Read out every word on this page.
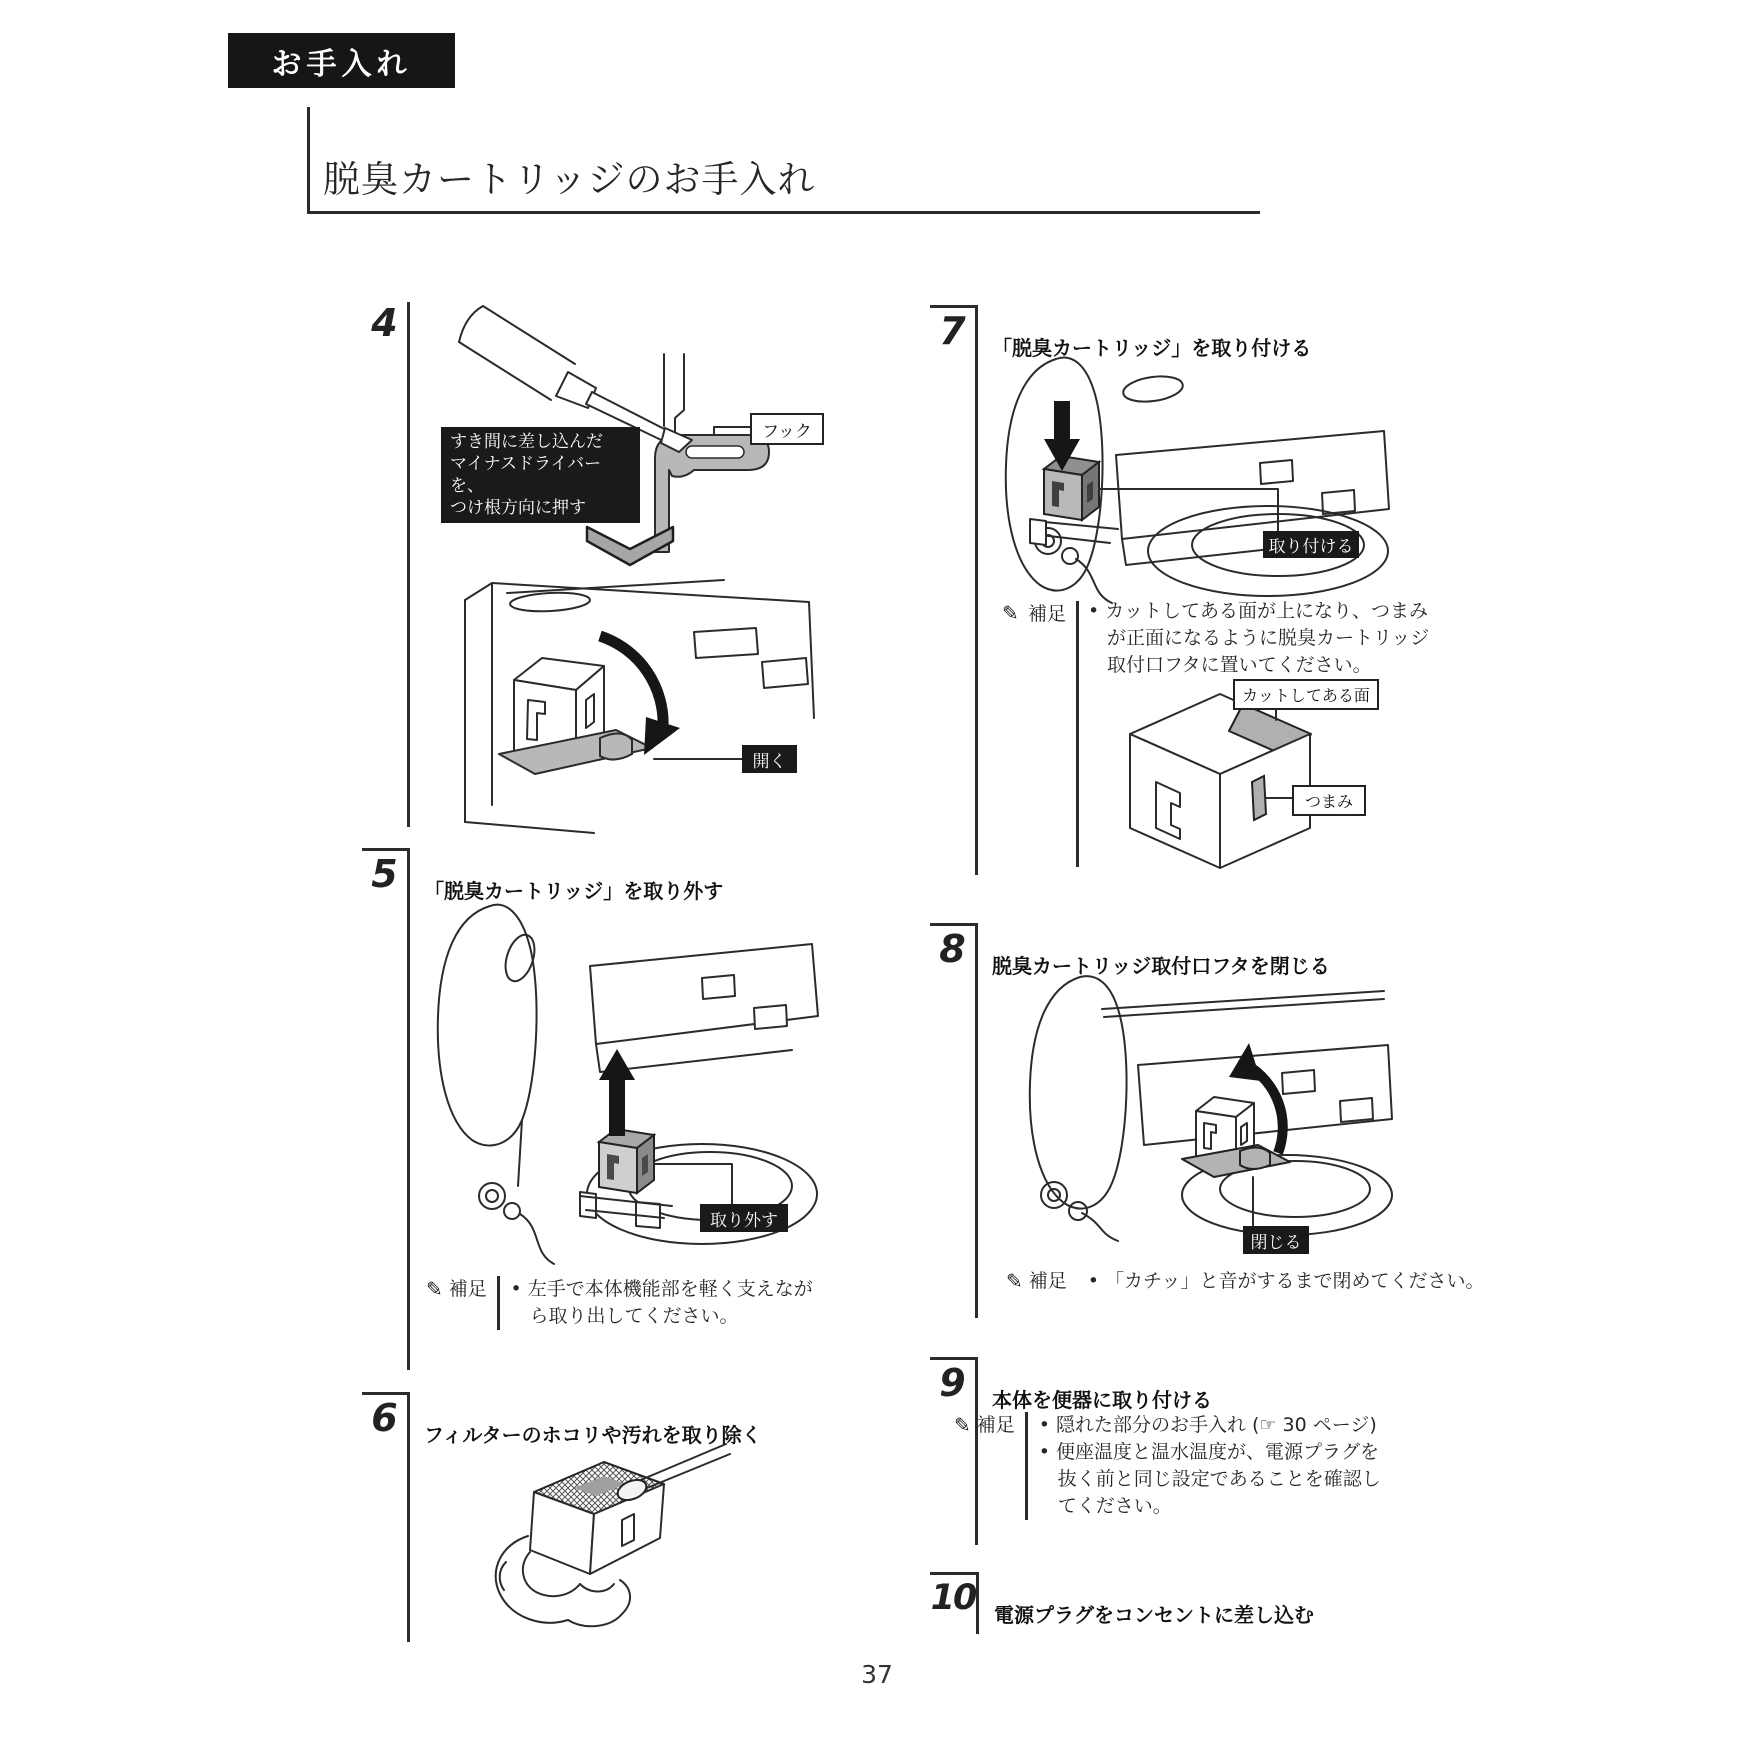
お手入れ
脱臭カートリッジのお手入れ
4
すき間に差し込んだ
マイナスドライバーを、
つけ根方向に押す
フック
開く
5	「脱臭カートリッジ」を取り外す
取り外す
✎ 補足	• 左手で本体機能部を軽く支えながら取り出してください。

6	フィルターのホコリや汚れを取り除く
7	「脱臭カートリッジ」を取り付ける
取り付ける
✎ 補足	• カットしてある面が上になり、つまみが正面になるように脱臭カートリッジ取付口フタに置いてください。

カットしてある面
つまみ
8	脱臭カートリッジ取付口フタを閉じる
閉じる
✎ 補足	• 「カチッ」と音がするまで閉めてください。

9	本体を便器に取り付ける
✎ 補足	• 隠れた部分のお手入れ (☞ 30 ページ)

• 便座温度と温水温度が、電源プラグを抜く前と同じ設定であることを確認してください。

10 電源プラグをコンセントに差し込む
37
